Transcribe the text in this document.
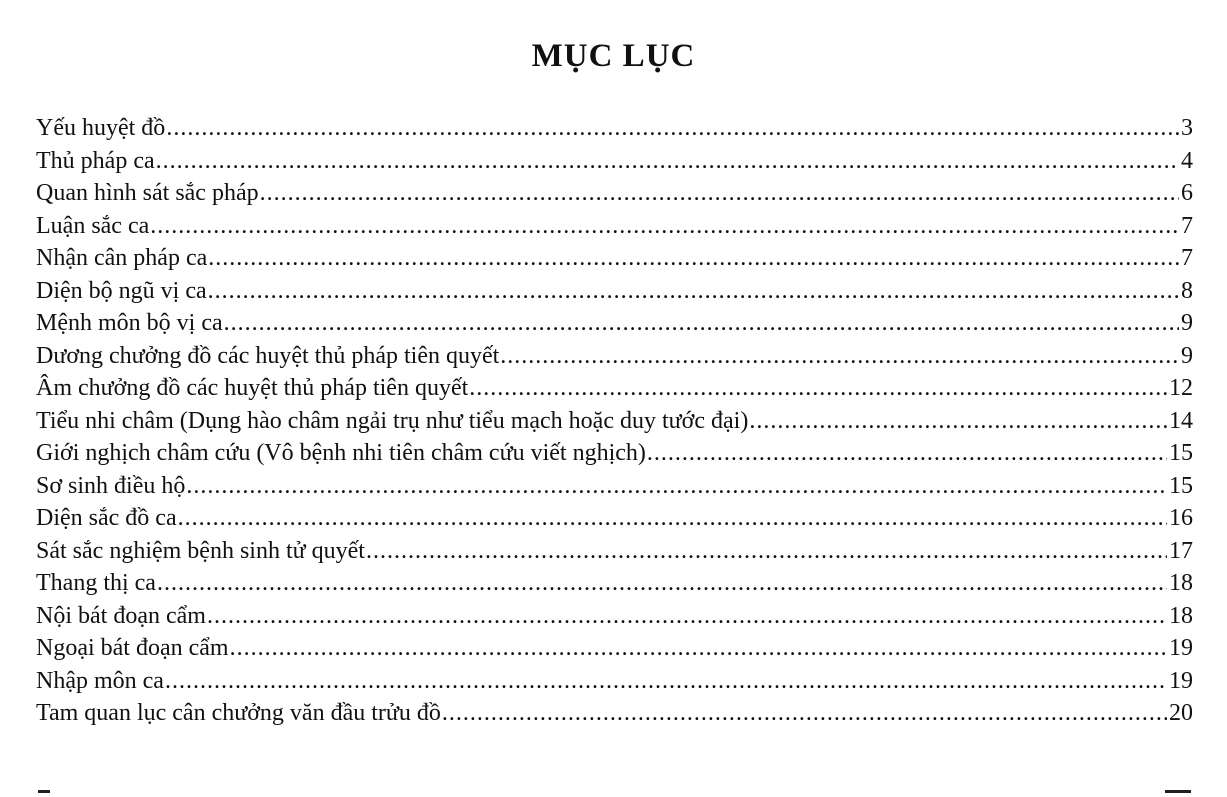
MỤC LỤC
Yếu huyệt đồ .....	3
Thủ pháp ca .....	4
Quan hình sát sắc pháp .....	6
Luận sắc ca .....	7
Nhận cân pháp ca .....	7
Diện bộ ngũ vị ca .....	8
Mệnh môn bộ vị ca .....	9
Dương chưởng đồ các huyệt thủ pháp tiên quyết .....	9
Âm chưởng đồ các huyệt thủ pháp tiên quyết .....	12
Tiểu nhi châm (Dụng hào châm ngải trụ như tiểu mạch hoặc duy tước đại) .....	14
Giới nghịch châm cứu (Vô bệnh nhi tiên châm cứu viết nghịch) .....	15
Sơ sinh điều hộ .....	15
Diện sắc đồ ca .....	16
Sát sắc nghiệm bệnh sinh tử quyết .....	17
Thang thị ca .....	18
Nội bát đoạn cẩm .....	18
Ngoại bát đoạn cẩm .....	19
Nhập môn ca .....	19
Tam quan lục cân chưởng văn đầu trửu đồ .....	20
